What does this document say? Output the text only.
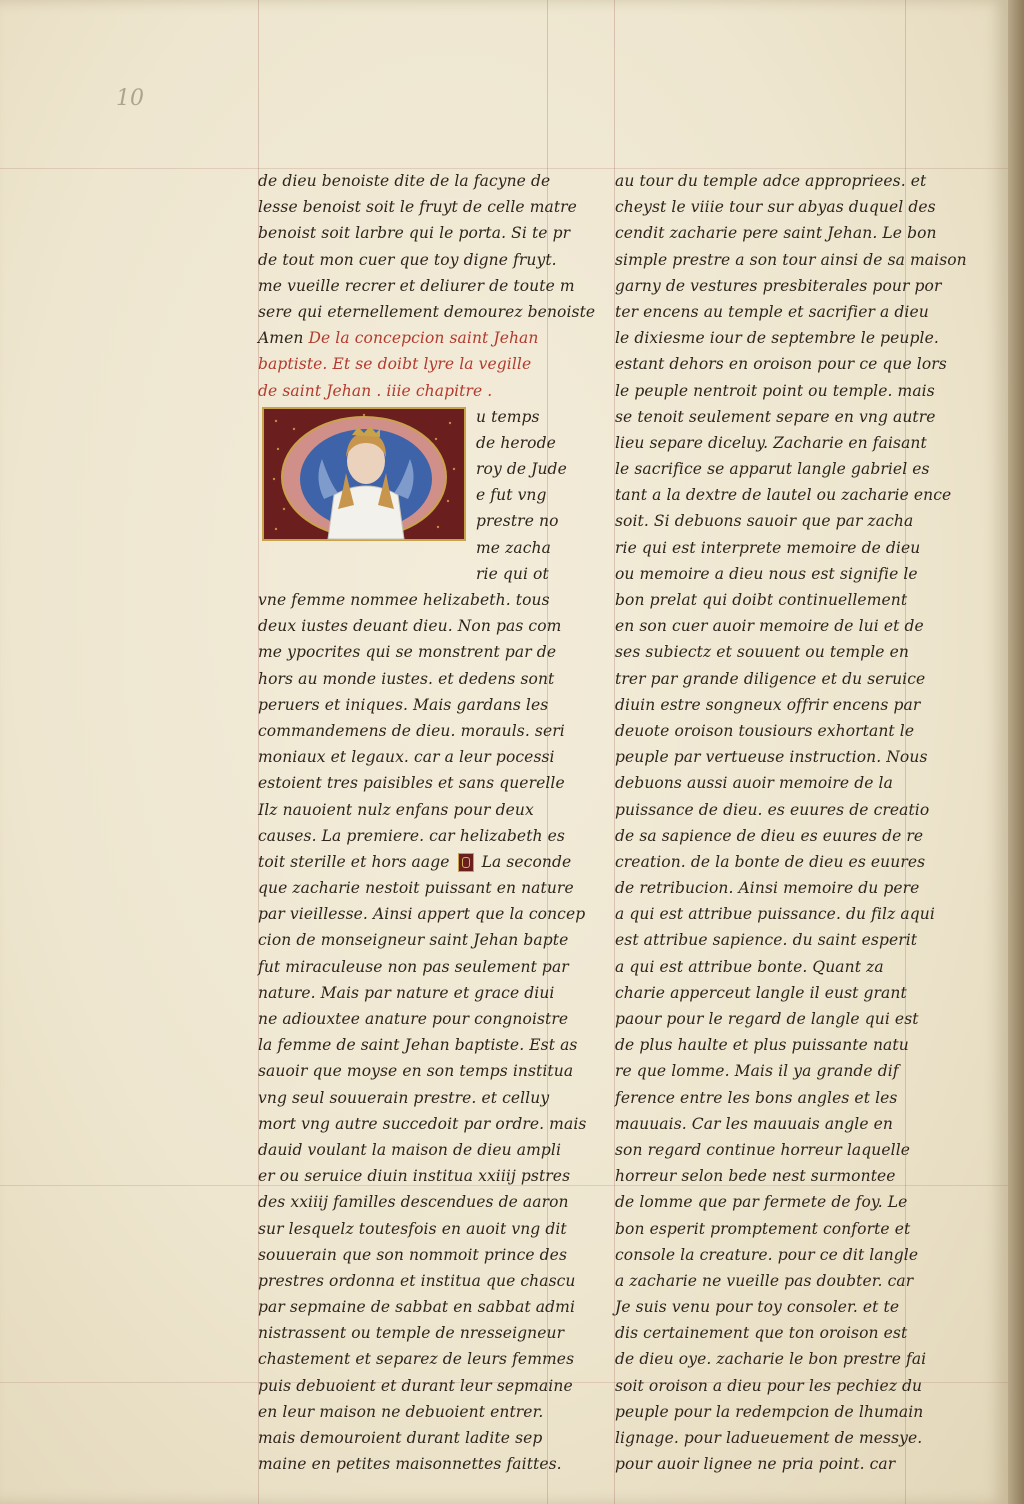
10
de dieu benoiste dite de la facyne de
lesse benoist soit le fruyt de celle matre
benoist soit larbre qui le porta. Si te pr
de tout mon cuer que toy digne fruyt.
me vueille recrer et deliurer de toute m
sere qui eternellement demourez benoiste
Amen De la concepcion saint Jehan
baptiste. Et se doibt lyre la vegille
de saint Jehan . iiie chapitre .
u temps
de herode
roy de Jude
e fut vng
prestre no
me zacha
rie qui ot
vne femme nommee helizabeth. tous
deux iustes deuant dieu. Non pas com
me ypocrites qui se monstrent par de
hors au monde iustes. et dedens sont
peruers et iniques. Mais gardans les
commandemens de dieu. morauls. seri
moniaux et legaux. car a leur pocessi
estoient tres paisibles et sans querelle
Ilz nauoient nulz enfans pour deux
causes. La premiere. car helizabeth es
toit sterille et hors aage La seconde
que zacharie nestoit puissant en nature
par vieillesse. Ainsi appert que la concep
cion de monseigneur saint Jehan bapte
fut miraculeuse non pas seulement par
nature. Mais par nature et grace diui
ne adiouxtee anature pour congnoistre
la femme de saint Jehan baptiste. Est as
sauoir que moyse en son temps institua
vng seul souuerain prestre. et celluy
mort vng autre succedoit par ordre. mais
dauid voulant la maison de dieu ampli
er ou seruice diuin institua xxiiij pstres
des xxiiij familles descendues de aaron
sur lesquelz toutesfois en auoit vng dit
souuerain que son nommoit prince des
prestres ordonna et institua que chascu
par sepmaine de sabbat en sabbat admi
nistrassent ou temple de nresseigneur
chastement et separez de leurs femmes
puis debuoient et durant leur sepmaine
en leur maison ne debuoient entrer.
mais demouroient durant ladite sep
maine en petites maisonnettes faittes.
au tour du temple adce appropriees. et
cheyst le viiie tour sur abyas duquel des
cendit zacharie pere saint Jehan. Le bon
simple prestre a son tour ainsi de sa maison
garny de vestures presbiterales pour por
ter encens au temple et sacrifier a dieu
le dixiesme iour de septembre le peuple.
estant dehors en oroison pour ce que lors
le peuple nentroit point ou temple. mais
se tenoit seulement separe en vng autre
lieu separe diceluy. Zacharie en faisant
le sacrifice se apparut langle gabriel es
tant a la dextre de lautel ou zacharie ence
soit. Si debuons sauoir que par zacha
rie qui est interprete memoire de dieu
ou memoire a dieu nous est signifie le
bon prelat qui doibt continuellement
en son cuer auoir memoire de lui et de
ses subiectz et souuent ou temple en
trer par grande diligence et du seruice
diuin estre songneux offrir encens par
deuote oroison tousiours exhortant le
peuple par vertueuse instruction. Nous
debuons aussi auoir memoire de la
puissance de dieu. es euures de creatio
de sa sapience de dieu es euures de re
creation. de la bonte de dieu es euures
de retribucion. Ainsi memoire du pere
a qui est attribue puissance. du filz aqui
est attribue sapience. du saint esperit
a qui est attribue bonte. Quant za
charie apperceut langle il eust grant
paour pour le regard de langle qui est
de plus haulte et plus puissante natu
re que lomme. Mais il ya grande dif
ference entre les bons angles et les
mauuais. Car les mauuais angle en
son regard continue horreur laquelle
horreur selon bede nest surmontee
de lomme que par fermete de foy. Le
bon esperit promptement conforte et
console la creature. pour ce dit langle
a zacharie ne vueille pas doubter. car
Je suis venu pour toy consoler. et te
dis certainement que ton oroison est
de dieu oye. zacharie le bon prestre fai
soit oroison a dieu pour les pechiez du
peuple pour la redempcion de lhumain
lignage. pour ladueuement de messye.
pour auoir lignee ne pria point. car
